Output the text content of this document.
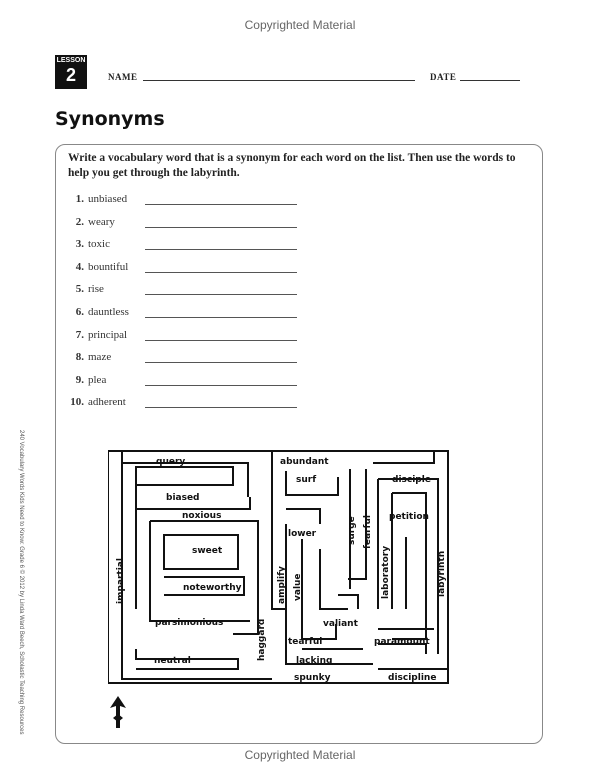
Copyrighted Material
LESSON
2	NAME	DATE
Synonyms
Write a vocabulary word that is a synonym for each word on the list. Then use the words to help you get through the labyrinth.
1. unbiased
2. weary
3. toxic
4. bountiful
5. rise
6. dauntless
7. principal
8. maze
9. plea
10. adherent
240 Vocabulary Words Kids Need to Know: Grade 6 © 2012 by Linda Ward Beech, Scholastic Teaching Resources	query	abundant
surf	disciple
biased
noxious	petition
lower
sweet
noteworthy
parsimonious	valiant
tearful	paramount
neutral	lacking
spunky	discipline
surge fearful
laboratory	labyrinth
impartial	amplify value
haggard
Copyrighted Material
